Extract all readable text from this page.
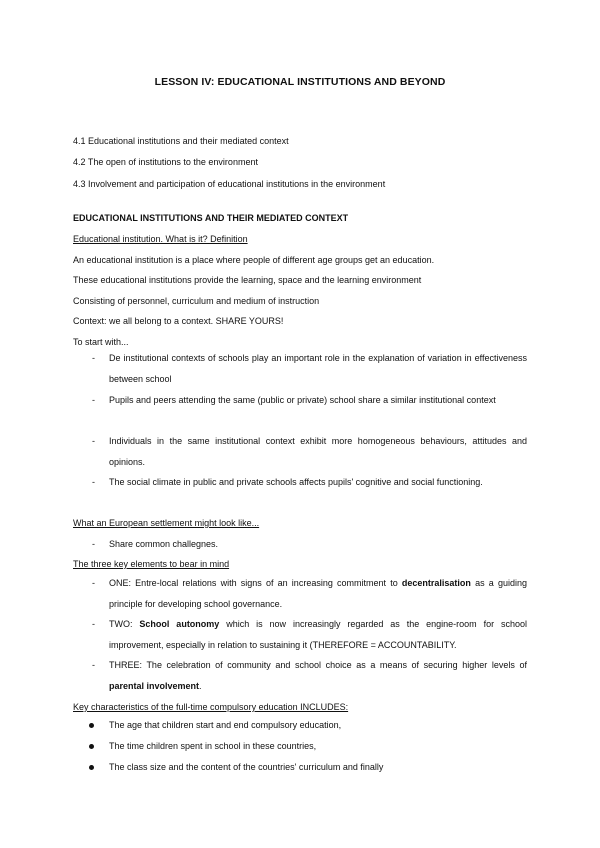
LESSON IV: EDUCATIONAL INSTITUTIONS AND BEYOND
4.1 Educational institutions and their mediated context
4.2 The open of institutions to the environment
4.3 Involvement and participation of educational institutions in the environment
EDUCATIONAL INSTITUTIONS AND THEIR MEDIATED CONTEXT
Educational institution. What is it? Definition
An educational institution is a place where people of different age groups get an education.
These educational institutions provide the learning, space and the learning environment
Consisting of personnel, curriculum and medium of instruction
Context: we all belong to a context. SHARE YOURS!
To start with...
- De institutional contexts of schools play an important role in the explanation of variation in effectiveness between school
- Pupils and peers attending the same (public or private) school share a similar institutional context
- Individuals in the same institutional context exhibit more homogeneous behaviours, attitudes and opinions.
- The social climate in public and private schools affects pupils' cognitive and social functioning.
What an European settlement might look like...
- Share common challegnes.
The three key elements to bear in mind
- ONE: Entre-local relations with signs of an increasing commitment to decentralisation as a guiding principle for developing school governance.
- TWO: School autonomy which is now increasingly regarded as the engine-room for school improvement, especially in relation to sustaining it (THEREFORE = ACCOUNTABILITY.
- THREE: The celebration of community and school choice as a means of securing higher levels of parental involvement.
Key characteristics of the full-time compulsory education INCLUDES:
The age that children start and end compulsory education,
The time children spent in school in these countries,
The class size and the content of the countries' curriculum and finally
